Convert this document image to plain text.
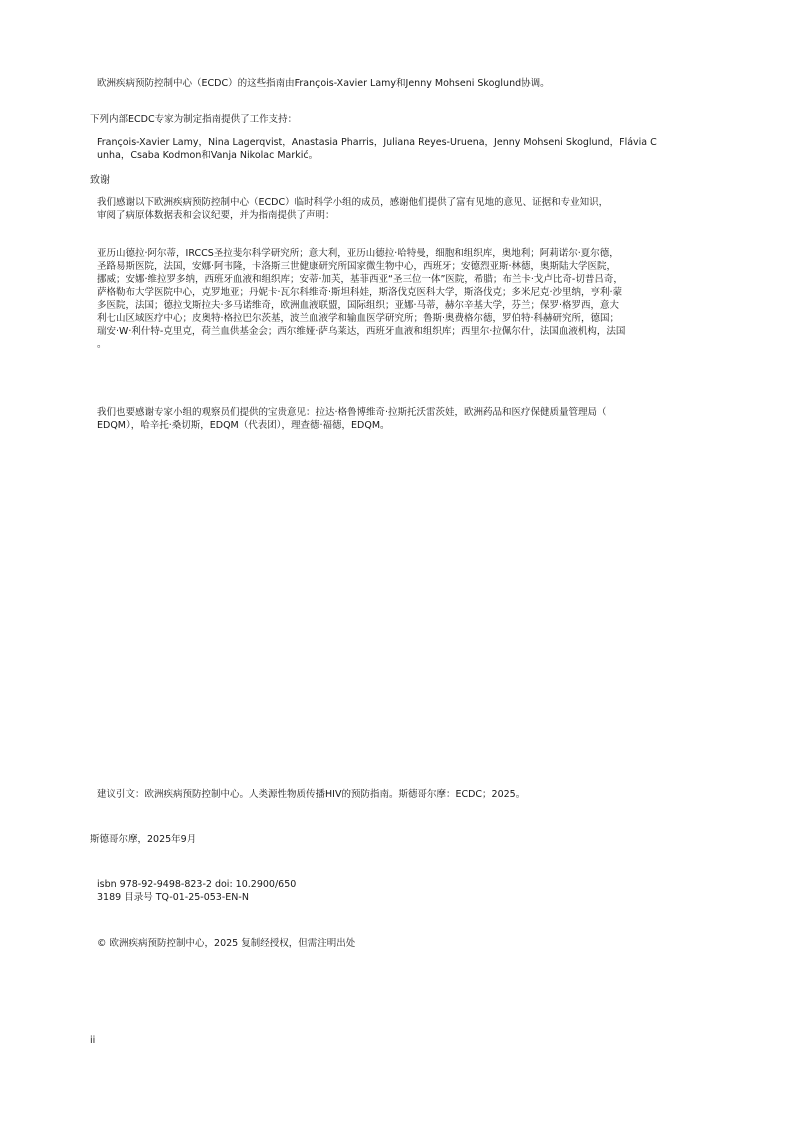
欧洲疾病预防控制中心（ECDC）的这些指南由François-Xavier Lamy和Jenny Mohseni Skoglund协调。

下列内部ECDC专家为制定指南提供了工作支持：

François-Xavier Lamy，Nina Lagerqvist，Anastasia Pharris，Juliana Reyes-Uruena，Jenny Mohseni Skoglund，Flávia C
unha，Csaba Kodmon和Vanja Nikolac Markić。

致谢

我们感谢以下欧洲疾病预防控制中心（ECDC）临时科学小组的成员，感谢他们提供了富有见地的意见、证据和专业知识，
审阅了病原体数据表和会议纪要，并为指南提供了声明：

亚历山德拉·阿尔蒂，IRCCS圣拉斐尔科学研究所；意大利，亚历山德拉·哈特曼，细胞和组织库，奥地利；阿莉诺尔·夏尔德，
圣路易斯医院，法国，安娜·阿韦隆，卡洛斯三世健康研究所国家微生物中心，西班牙；安德烈亚斯·林德，奥斯陆大学医院，
挪威；安娜·维拉罗多纳，西班牙血液和组织库；安蒂·加芙，基菲西亚“圣三位一体”医院，希腊；布兰卡·戈卢比奇-切普吕奇，
萨格勒布大学医院中心，克罗地亚；丹妮卡·瓦尔科维奇·斯坦科娃，斯洛伐克医科大学，斯洛伐克；多米尼克·沙里纳，亨利·蒙
多医院，法国；德拉戈斯拉夫·多马诺维奇，欧洲血液联盟，国际组织；亚娜·马蒂，赫尔辛基大学，芬兰；保罗·格罗西，意大
利七山区域医疗中心；皮奥特·格拉巴尔茨基，波兰血液学和输血医学研究所；鲁斯·奥费格尔德，罗伯特·科赫研究所，德国；
瑞安·W·利什特-克里克，荷兰血供基金会；西尔维娅·萨乌莱达，西班牙血液和组织库；西里尔·拉佩尔什，法国血液机构，法国
。

我们也要感谢专家小组的观察员们提供的宝贵意见：拉达·格鲁博维奇·拉斯托沃雷茨娃，欧洲药品和医疗保健质量管理局（
EDQM），哈辛托·桑切斯，EDQM（代表团），理查德·福德，EDQM。

建议引文：欧洲疾病预防控制中心。人类源性物质传播HIV的预防指南。斯德哥尔摩：ECDC；2025。

斯德哥尔摩，2025年9月

isbn 978-92-9498-823-2 doi: 10.2900/650

3189 目录号 TQ-01-25-053-EN-N

© 欧洲疾病预防控制中心，2025 复制经授权，但需注明出处

ii
